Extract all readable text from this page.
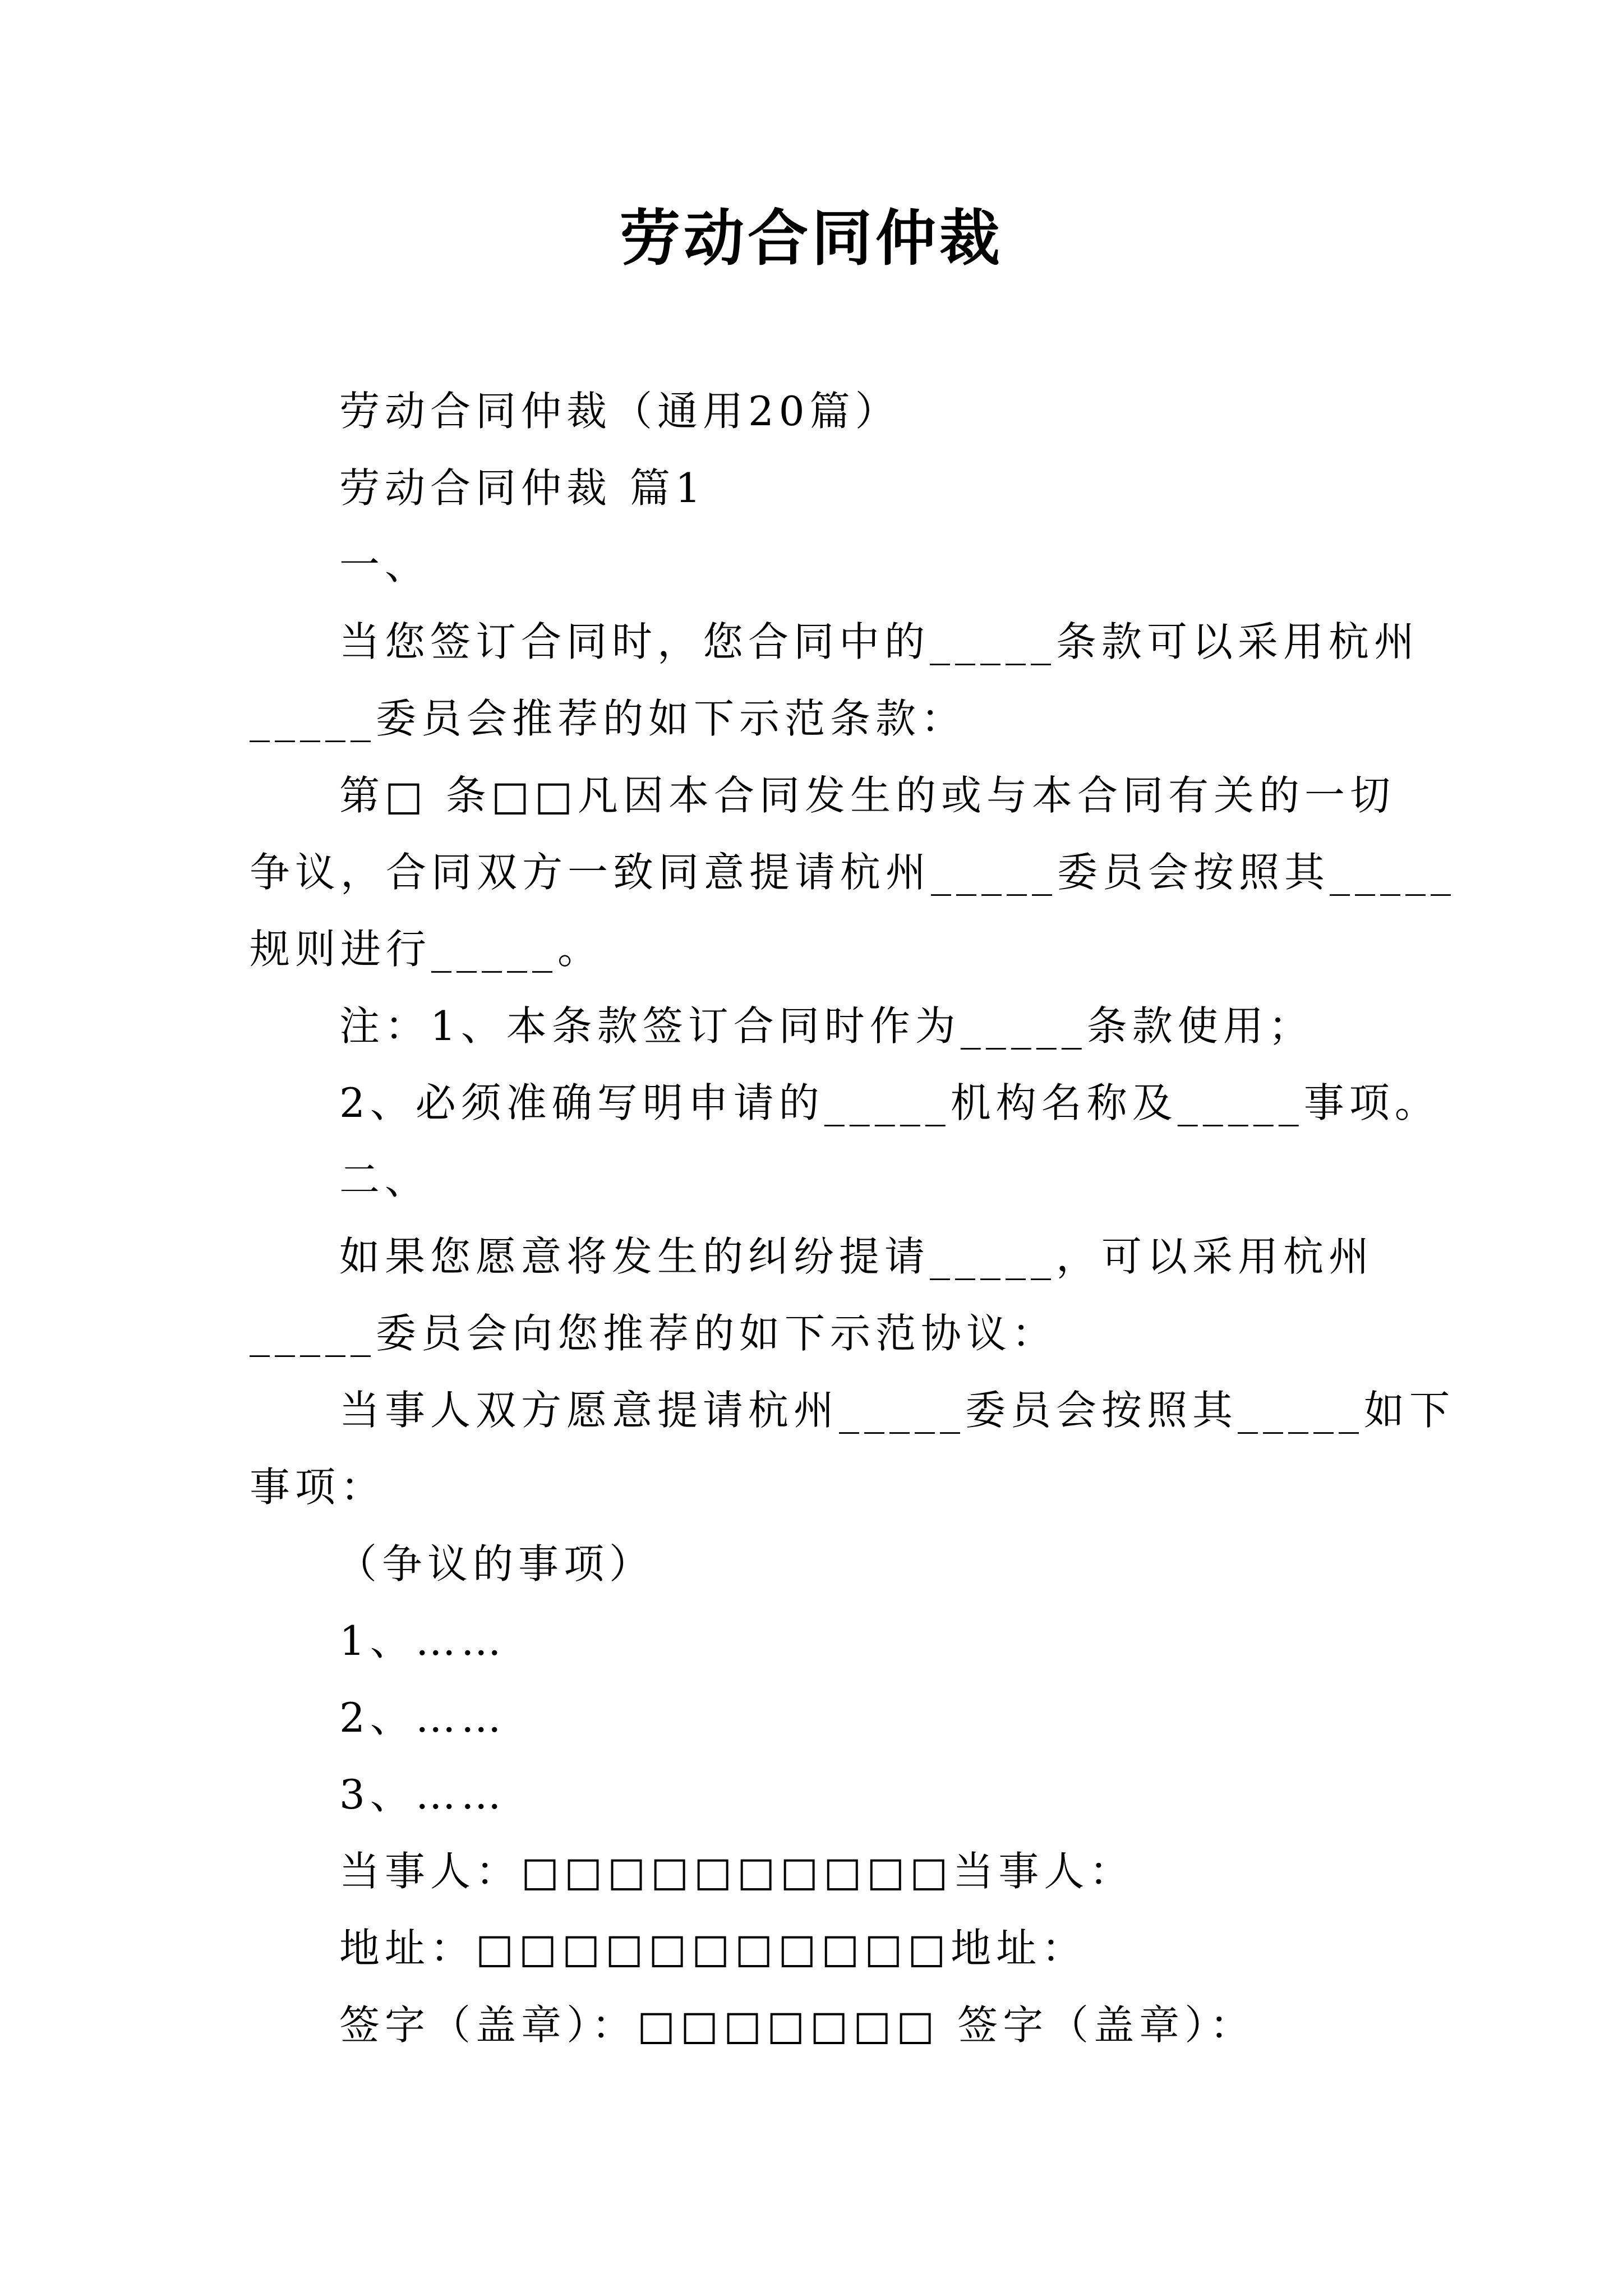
劳动合同仲裁

劳动合同仲裁（通用20篇）

劳动合同仲裁 篇1

一、

当您签订合同时，您合同中的_____条款可以采用杭州

_____委员会推荐的如下示范条款：

第□ 条□□凡因本合同发生的或与本合同有关的一切

争议，合同双方一致同意提请杭州_____委员会按照其_____

规则进行_____。

注：1、本条款签订合同时作为_____条款使用；

2、必须准确写明申请的_____机构名称及_____事项。

二、

如果您愿意将发生的纠纷提请_____，可以采用杭州

_____委员会向您推荐的如下示范协议：

当事人双方愿意提请杭州_____委员会按照其_____如下

事项：

（争议的事项）

1、……

2、……

3、……

当事人：□□□□□□□□□□当事人：

地址：□□□□□□□□□□□地址：

签字（盖章）：□□□□□□□ 签字（盖章）：
